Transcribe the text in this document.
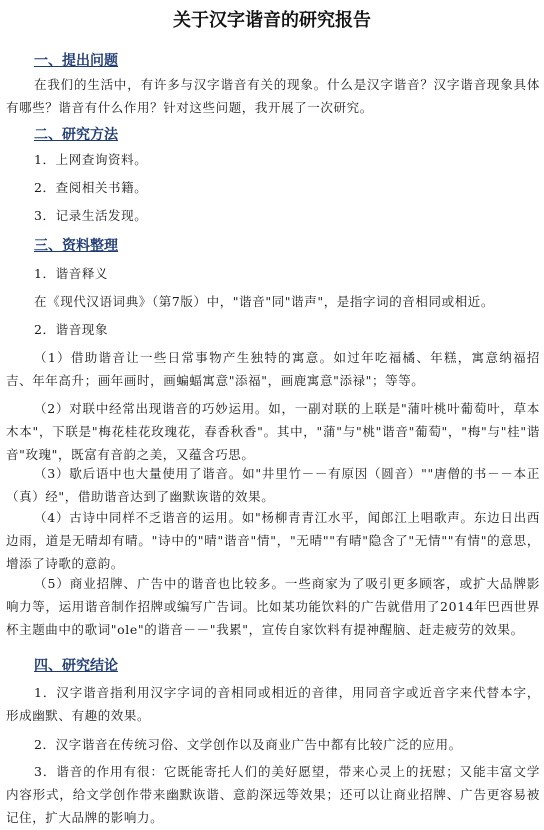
关于汉字谐音的研究报告
一、提出问题

在我们的生活中，有许多与汉字谐音有关的现象。什么是汉字谐音？汉字谐音现象具体有哪些？谐音有什么作用？针对这些问题，我开展了一次研究。

二、研究方法
1．上网查询资料。
2．查阅相关书籍。
3．记录生活发现。
三、资料整理
1．谐音释义

在《现代汉语词典》（第7版）中，"谐音"同"谐声"，是指字词的音相同或相近。

2．谐音现象

（1）借助谐音让一些日常事物产生独特的寓意。如过年吃福橘、年糕，寓意纳福招吉、年年高升；画年画时，画蝙蝠寓意"添福"，画鹿寓意"添禄"；等等。

（2）对联中经常出现谐音的巧妙运用。如，一副对联的上联是"蒲叶桃叶葡萄叶，草本木本"，下联是"梅花桂花玫瑰花，春香秋香"。其中，"蒲"与"桃"谐音"葡萄"，"梅"与"桂"谐音"玫瑰"，既富有音韵之美，又蕴含巧思。

（3）歇后语中也大量使用了谐音。如"井里竹－－有原因（圆音）""唐僧的书－－本正（真）经"，借助谐音达到了幽默诙谐的效果。

（4）古诗中同样不乏谐音的运用。如"杨柳青青江水平，闻郎江上唱歌声。东边日出西边雨，道是无晴却有晴。"诗中的"晴"谐音"情"，"无晴""有晴"隐含了"无情""有情"的意思，增添了诗歌的意韵。

（5）商业招牌、广告中的谐音也比较多。一些商家为了吸引更多顾客，或扩大品牌影响力等，运用谐音制作招牌或编写广告词。比如某功能饮料的广告就借用了2014年巴西世界杯主题曲中的歌词"ole"的谐音－－"我累"，宣传自家饮料有提神醒脑、赶走疲劳的效果。

四、研究结论

1．汉字谐音指利用汉字字词的音相同或相近的音律，用同音字或近音字来代替本字，形成幽默、有趣的效果。

2．汉字谐音在传统习俗、文学创作以及商业广告中都有比较广泛的应用。

3．谐音的作用有很：它既能寄托人们的美好愿望，带来心灵上的抚慰；又能丰富文学内容形式，给文学创作带来幽默诙谐、意韵深远等效果；还可以让商业招牌、广告更容易被记住，扩大品牌的影响力。
